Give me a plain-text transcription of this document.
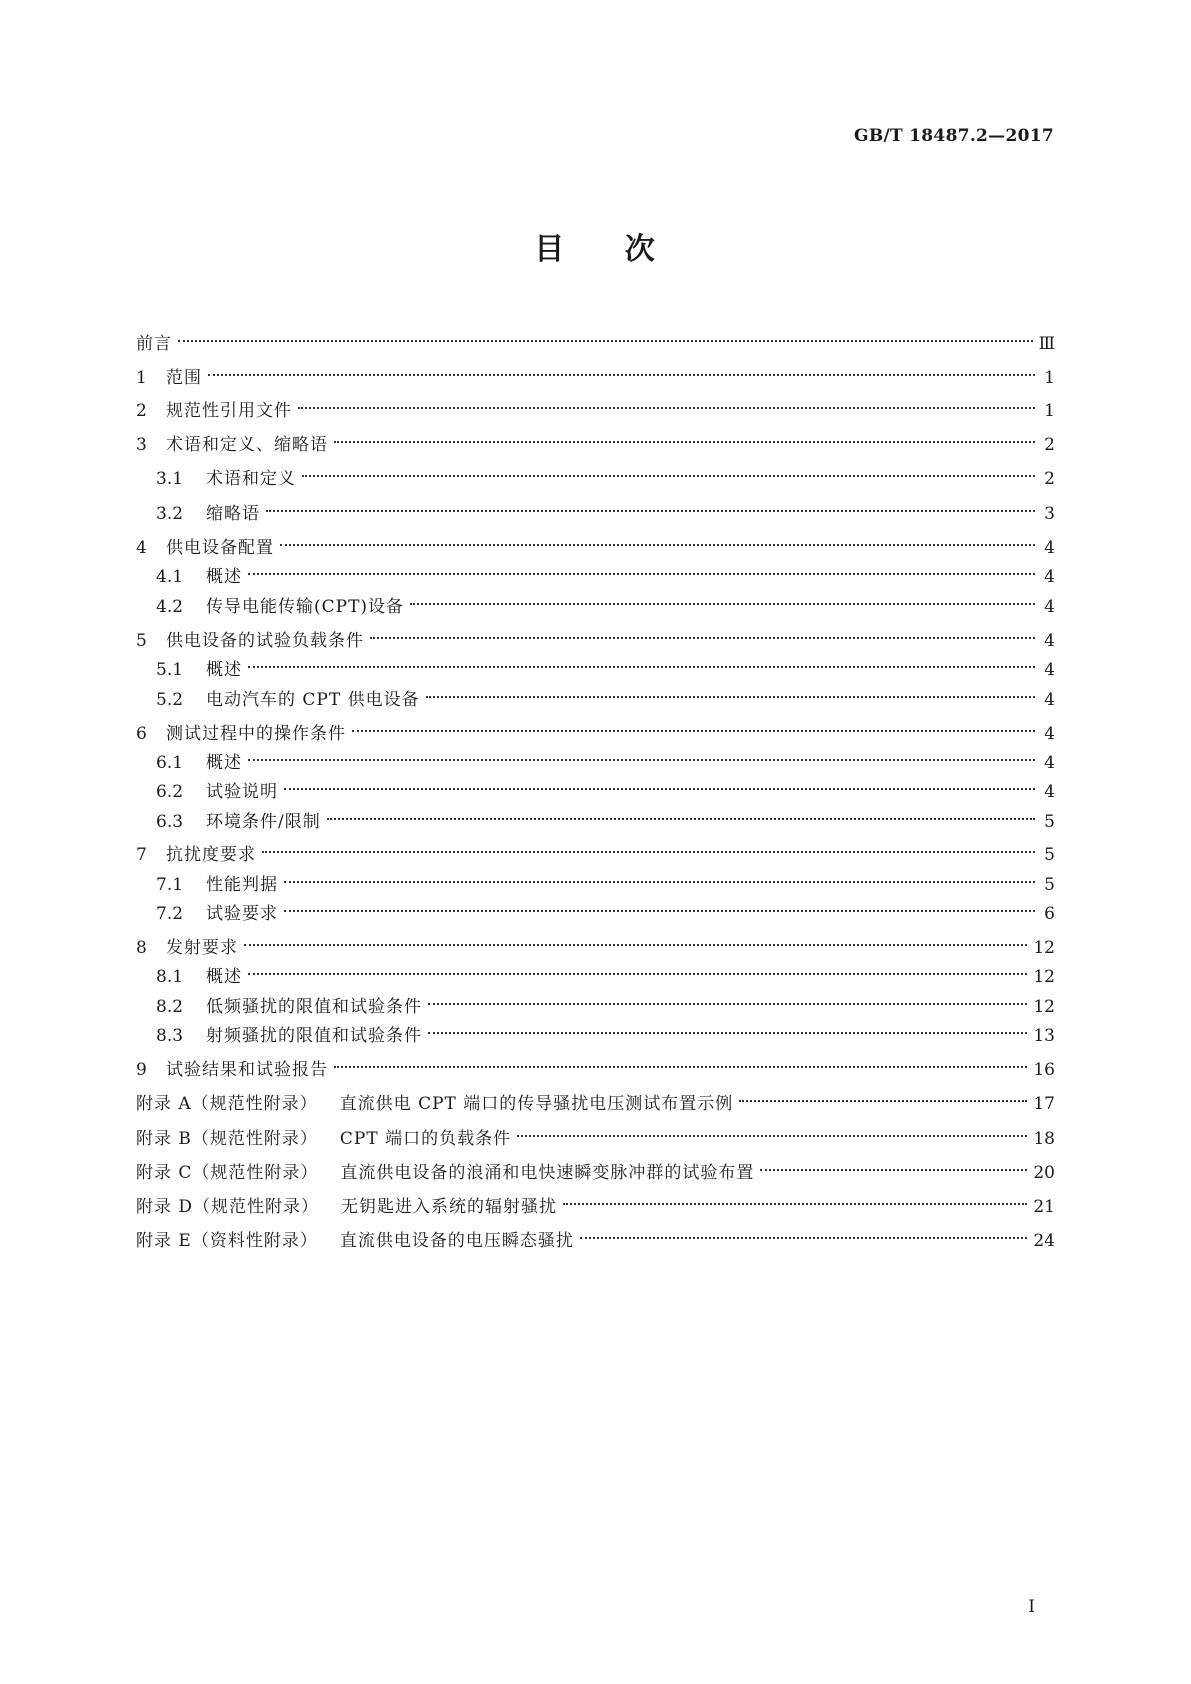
GB/T 18487.2—2017
目 次
前言	Ⅲ
1	范围	1
2	规范性引用文件	1
3	术语和定义、缩略语	2
3.1	术语和定义	2
3.2	缩略语	3
4	供电设备配置	4
4.1	概述	4
4.2	传导电能传输(CPT)设备	4
5	供电设备的试验负载条件	4
5.1	概述	4
5.2	电动汽车的 CPT 供电设备	4
6	测试过程中的操作条件	4
6.1	概述	4
6.2	试验说明	4
6.3	环境条件/限制	5
7	抗扰度要求	5
7.1	性能判据	5
7.2	试验要求	6
8	发射要求	12
8.1	概述	12
8.2	低频骚扰的限值和试验条件	12
8.3	射频骚扰的限值和试验条件	13
9	试验结果和试验报告	16
附录 A（规范性附录） 直流供电 CPT 端口的传导骚扰电压测试布置示例	17
附录 B（规范性附录） CPT 端口的负载条件	18
附录 C（规范性附录） 直流供电设备的浪涌和电快速瞬变脉冲群的试验布置	20
附录 D（规范性附录） 无钥匙进入系统的辐射骚扰	21
附录 E（资料性附录） 直流供电设备的电压瞬态骚扰	24
I
